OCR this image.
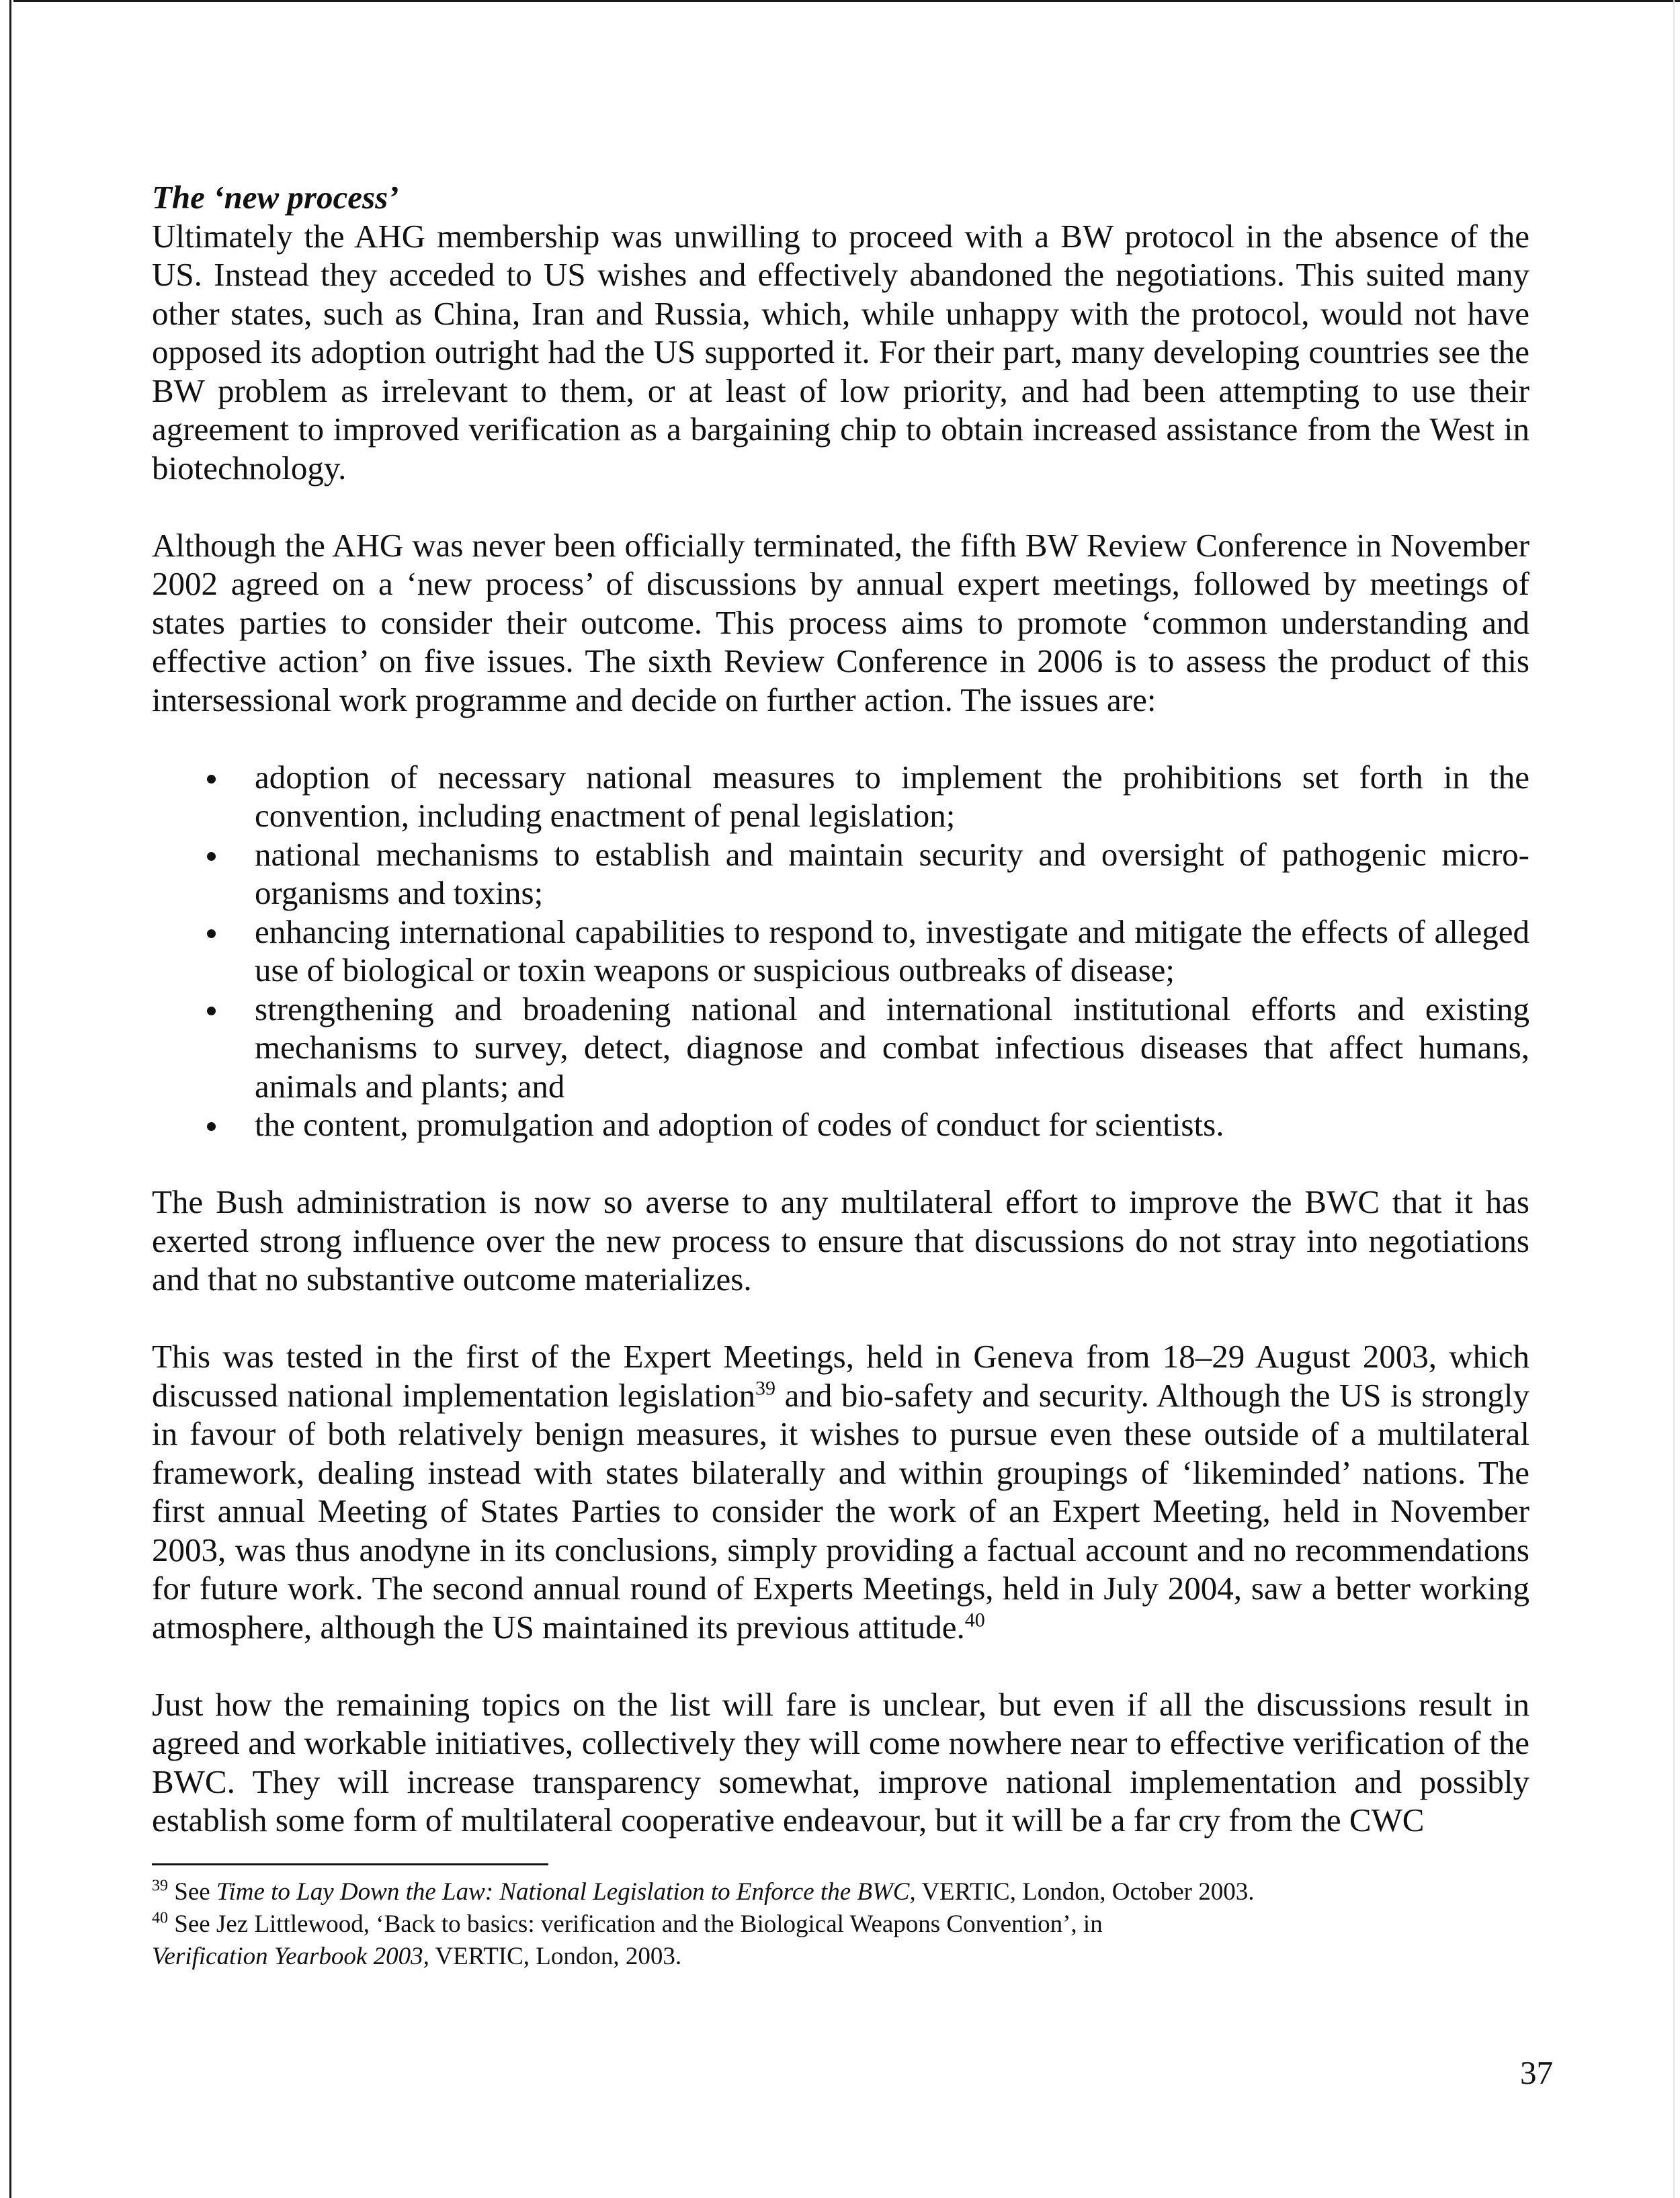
The ‘new process’

Ultimately the AHG membership was unwilling to proceed with a BW protocol in the absence of the US. Instead they acceded to US wishes and effectively abandoned the negotiations. This suited many other states, such as China, Iran and Russia, which, while unhappy with the protocol, would not have opposed its adoption outright had the US supported it. For their part, many developing countries see the BW problem as irrelevant to them, or at least of low priority, and had been attempting to use their agreement to improved verification as a bargaining chip to obtain increased assistance from the West in biotechnology.

Although the AHG was never been officially terminated, the fifth BW Review Conference in November 2002 agreed on a ‘new process’ of discussions by annual expert meetings, followed by meetings of states parties to consider their outcome. This process aims to promote ‘common understanding and effective action’ on five issues. The sixth Review Conference in 2006 is to assess the product of this intersessional work programme and decide on further action. The issues are:

adoption of necessary national measures to implement the prohibitions set forth in the convention, including enactment of penal legislation;
national mechanisms to establish and maintain security and oversight of pathogenic micro-organisms and toxins;
enhancing international capabilities to respond to, investigate and mitigate the effects of alleged use of biological or toxin weapons or suspicious outbreaks of disease;
strengthening and broadening national and international institutional efforts and existing mechanisms to survey, detect, diagnose and combat infectious diseases that affect humans, animals and plants; and
the content, promulgation and adoption of codes of conduct for scientists.

The Bush administration is now so averse to any multilateral effort to improve the BWC that it has exerted strong influence over the new process to ensure that discussions do not stray into negotiations and that no substantive outcome materializes.

This was tested in the first of the Expert Meetings, held in Geneva from 18–29 August 2003, which discussed national implementation legislation$^{39}$ and bio-safety and security. Although the US is strongly in favour of both relatively benign measures, it wishes to pursue even these outside of a multilateral framework, dealing instead with states bilaterally and within groupings of ‘likeminded’ nations. The first annual Meeting of States Parties to consider the work of an Expert Meeting, held in November 2003, was thus anodyne in its conclusions, simply providing a factual account and no recommendations for future work. The second annual round of Experts Meetings, held in July 2004, saw a better working atmosphere, although the US maintained its previous attitude.$^{40}$

Just how the remaining topics on the list will fare is unclear, but even if all the discussions result in agreed and workable initiatives, collectively they will come nowhere near to effective verification of the BWC. They will increase transparency somewhat, improve national implementation and possibly establish some form of multilateral cooperative endeavour, but it will be a far cry from the CWC

$^{39}$ See Time to Lay Down the Law: National Legislation to Enforce the BWC, VERTIC, London, October 2003.

$^{40}$ See Jez Littlewood, ‘Back to basics: verification and the Biological Weapons Convention’, in
Verification Yearbook 2003, VERTIC, London, 2003.

37
